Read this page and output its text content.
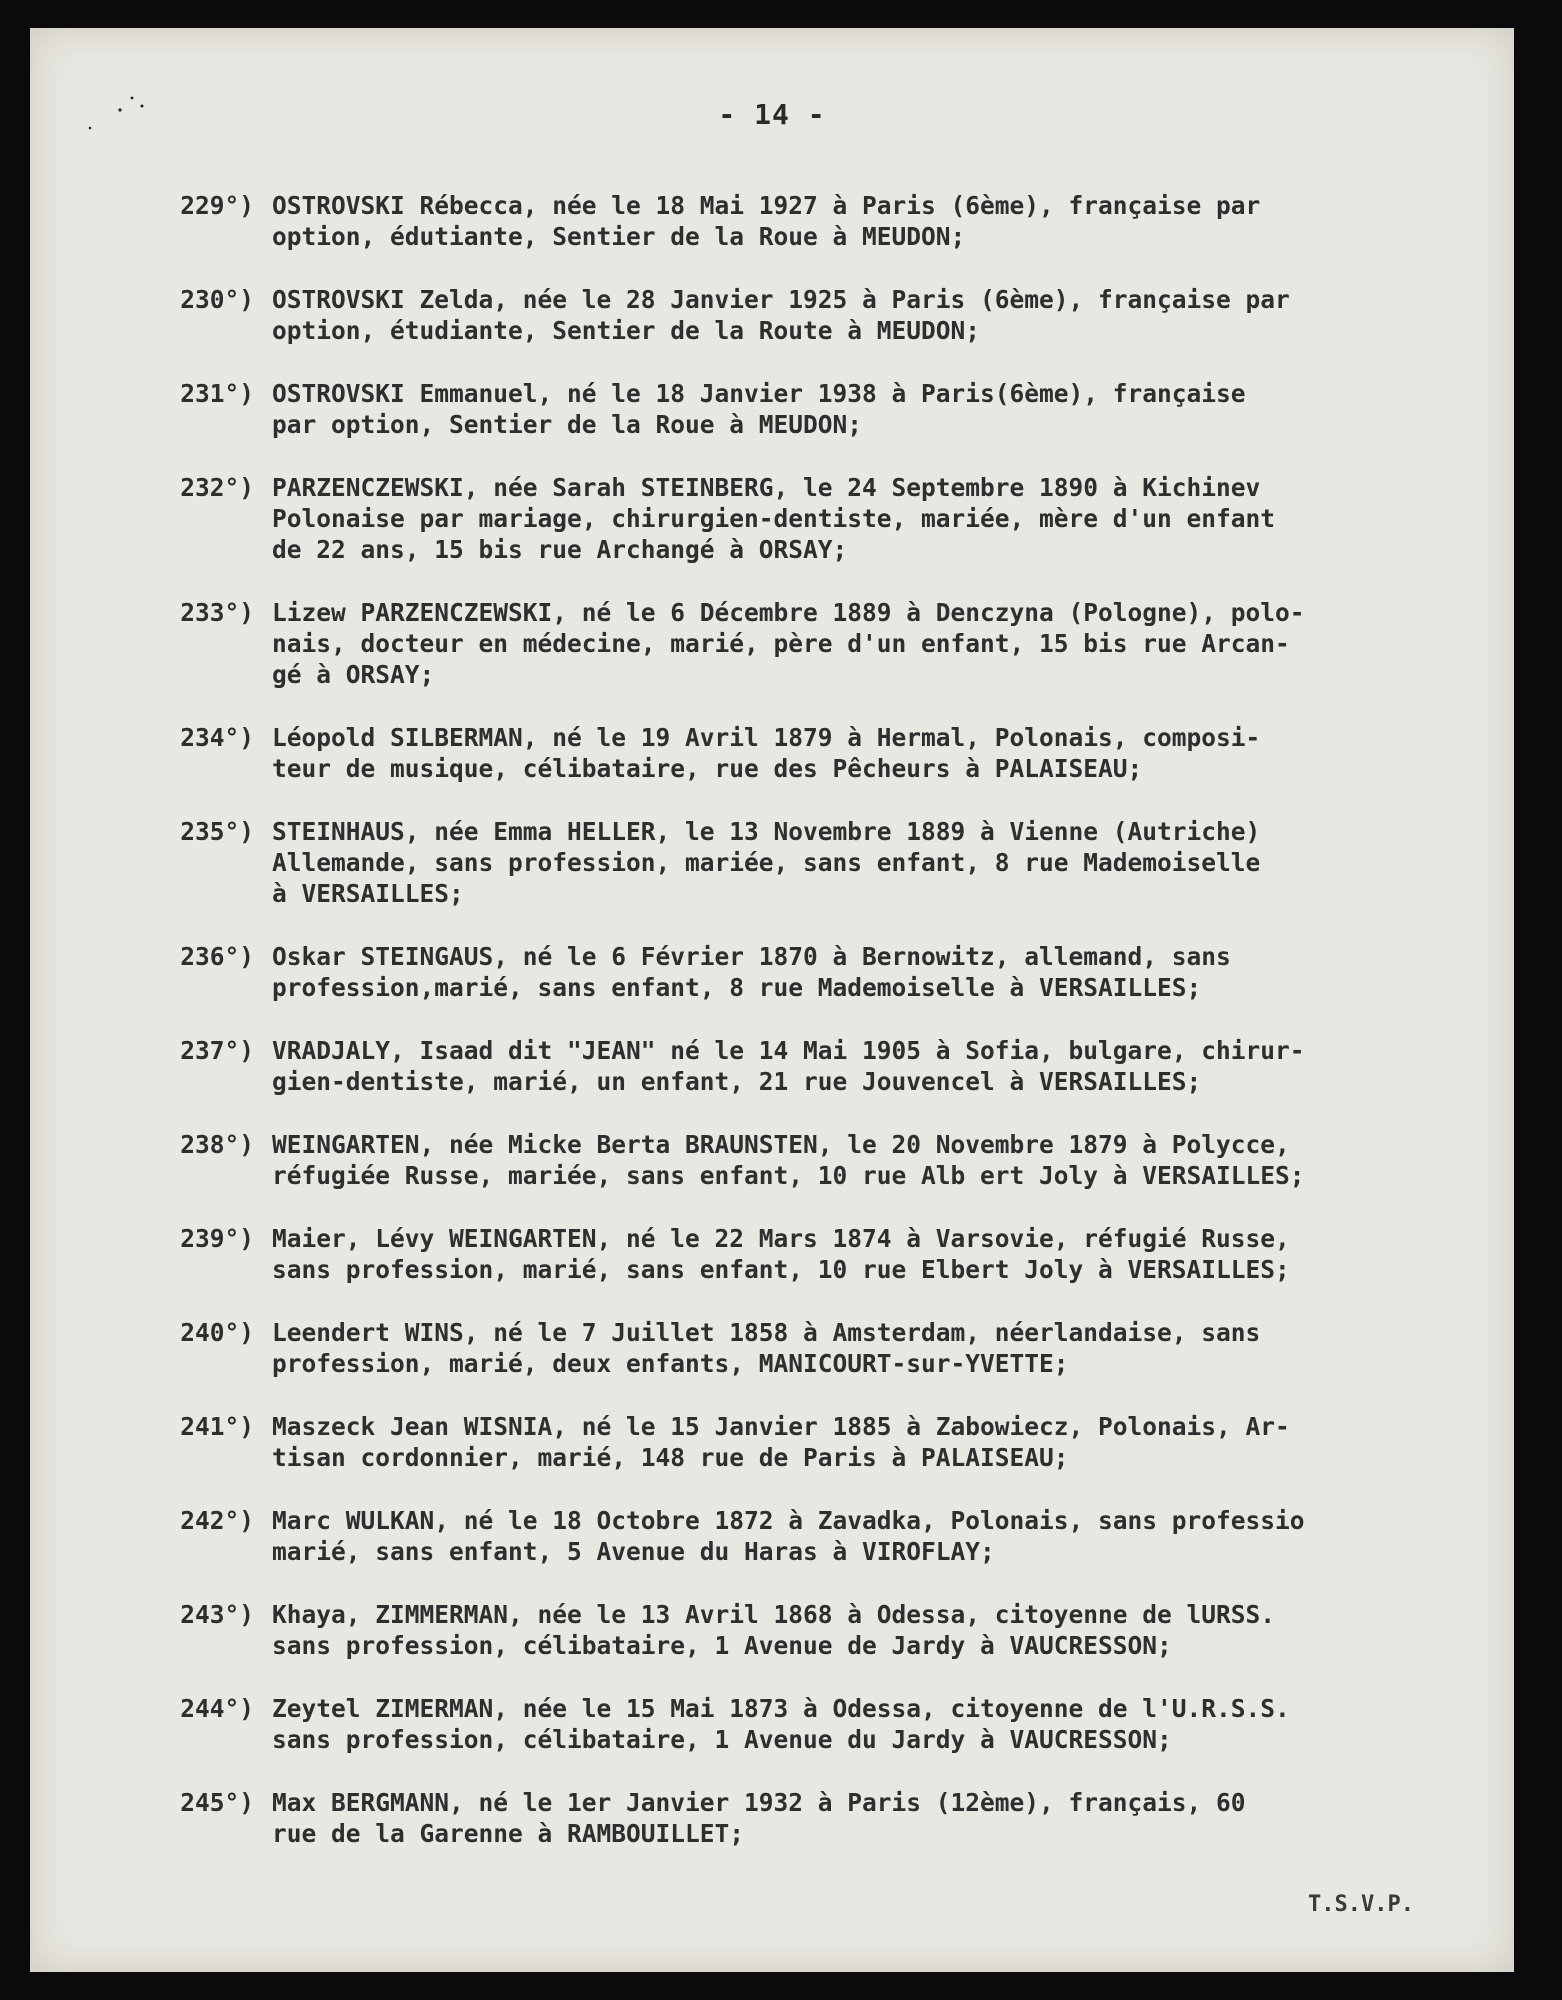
- 14 -
229°) OSTROVSKI Rébecca, née le 18 Mai 1927 à Paris (6ème), française par
option, édutiante, Sentier de la Roue à MEUDON;
230°) OSTROVSKI Zelda, née le 28 Janvier 1925 à Paris (6ème), française par
option, étudiante, Sentier de la Route à MEUDON;
231°) OSTROVSKI Emmanuel, né le 18 Janvier 1938 à Paris(6ème), française
par option, Sentier de la Roue à MEUDON;
232°) PARZENCZEWSKI, née Sarah STEINBERG, le 24 Septembre 1890 à Kichinev
Polonaise par mariage, chirurgien-dentiste, mariée, mère d'un enfant
de 22 ans, 15 bis rue Archangé à ORSAY;
233°) Lizew PARZENCZEWSKI, né le 6 Décembre 1889 à Denczyna (Pologne), polo-
nais, docteur en médecine, marié, père d'un enfant, 15 bis rue Arcan-
gé à ORSAY;
234°) Léopold SILBERMAN, né le 19 Avril 1879 à Hermal, Polonais, composi-
teur de musique, célibataire, rue des Pêcheurs à PALAISEAU;
235°) STEINHAUS, née Emma HELLER, le 13 Novembre 1889 à Vienne (Autriche)
Allemande, sans profession, mariée, sans enfant, 8 rue Mademoiselle
à VERSAILLES;
236°) Oskar STEINGAUS, né le 6 Février 1870 à Bernowitz, allemand, sans
profession,marié, sans enfant, 8 rue Mademoiselle à VERSAILLES;
237°) VRADJALY, Isaad dit "JEAN" né le 14 Mai 1905 à Sofia, bulgare, chirur-
gien-dentiste, marié, un enfant, 21 rue Jouvencel à VERSAILLES;
238°) WEINGARTEN, née Micke Berta BRAUNSTEN, le 20 Novembre 1879 à Polycce,
réfugiée Russe, mariée, sans enfant, 10 rue Alb ert Joly à VERSAILLES;
239°) Maier, Lévy WEINGARTEN, né le 22 Mars 1874 à Varsovie, réfugié Russe,
sans profession, marié, sans enfant, 10 rue Elbert Joly à VERSAILLES;
240°) Leendert WINS, né le 7 Juillet 1858 à Amsterdam, néerlandaise, sans
profession, marié, deux enfants, MANICOURT-sur-YVETTE;
241°) Maszeck Jean WISNIA, né le 15 Janvier 1885 à Zabowiecz, Polonais, Ar-
tisan cordonnier, marié, 148 rue de Paris à PALAISEAU;
242°) Marc WULKAN, né le 18 Octobre 1872 à Zavadka, Polonais, sans professio
marié, sans enfant, 5 Avenue du Haras à VIROFLAY;
243°) Khaya, ZIMMERMAN, née le 13 Avril 1868 à Odessa, citoyenne de lURSS.
sans profession, célibataire, 1 Avenue de Jardy à VAUCRESSON;
244°) Zeytel ZIMERMAN, née le 15 Mai 1873 à Odessa, citoyenne de l'U.R.S.S.
sans profession, célibataire, 1 Avenue du Jardy à VAUCRESSON;
245°) Max BERGMANN, né le 1er Janvier 1932 à Paris (12ème), français, 60
rue de la Garenne à RAMBOUILLET;
T.S.V.P.
